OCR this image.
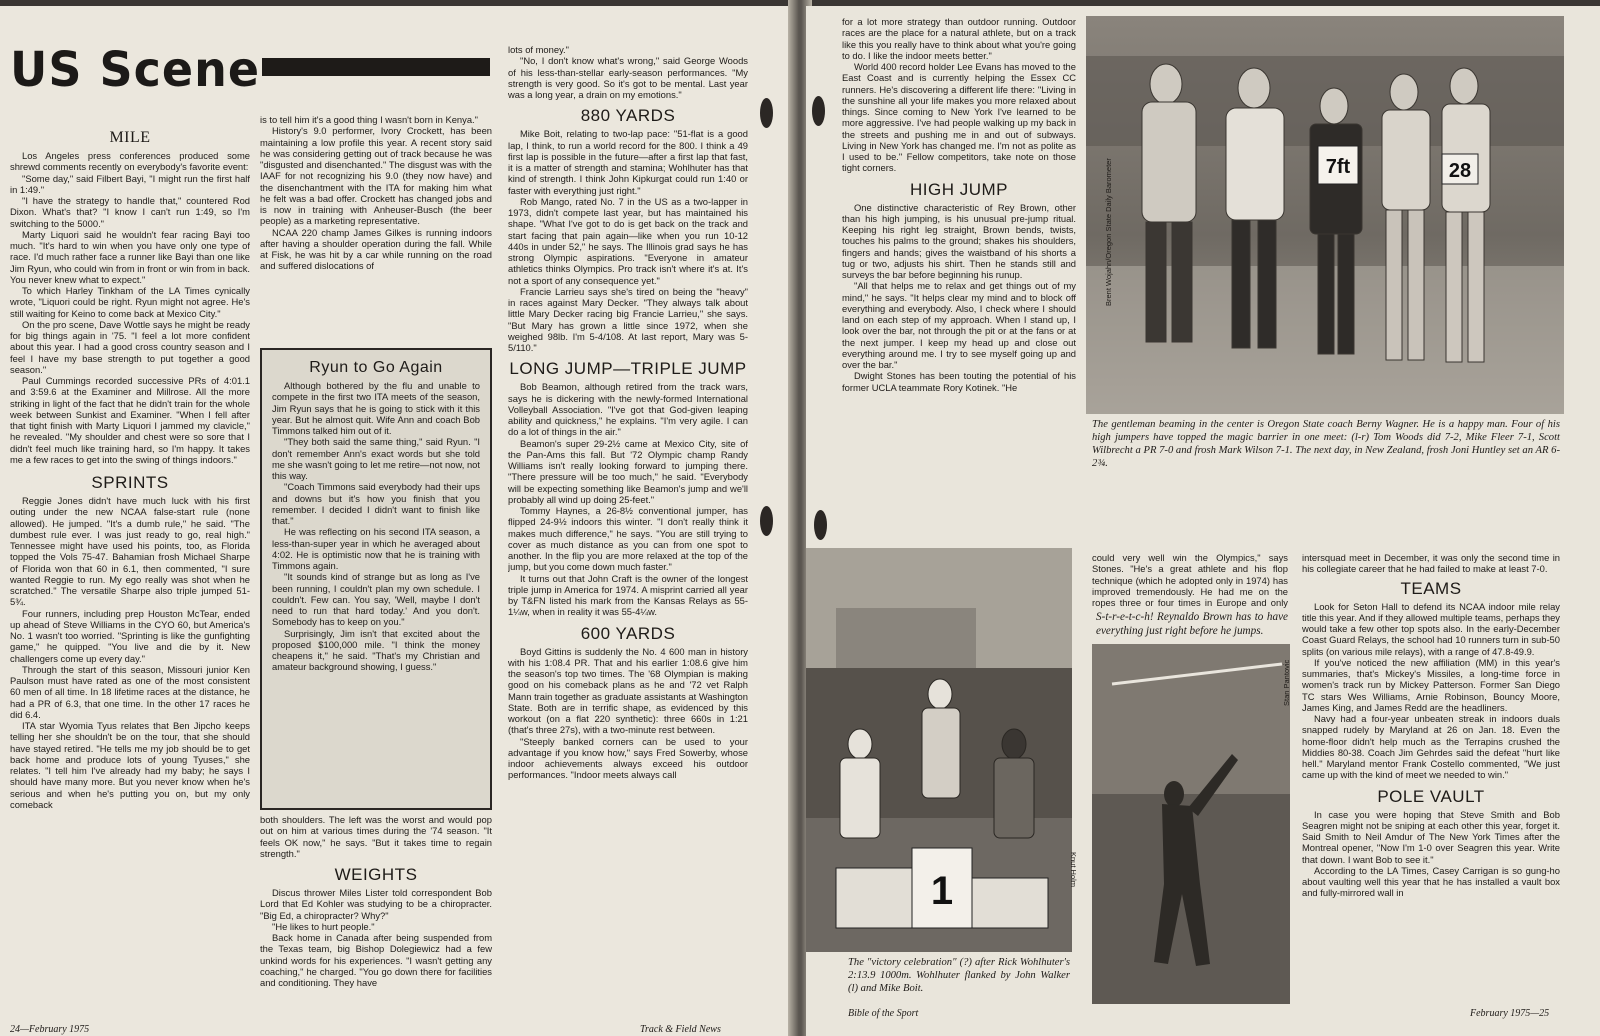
US Scene
MILE

Los Angeles press conferences produced some shrewd comments recently on everybody's favorite event:

"Some day," said Filbert Bayi, "I might run the first half in 1:49."

"I have the strategy to handle that," countered Rod Dixon. What's that? "I know I can't run 1:49, so I'm switching to the 5000."

Marty Liquori said he wouldn't fear racing Bayi too much. "It's hard to win when you have only one type of race. I'd much rather face a runner like Bayi than one like Jim Ryun, who could win from in front or win from in back. You never knew what to expect."

To which Harley Tinkham of the LA Times cynically wrote, "Liquori could be right. Ryun might not agree. He's still waiting for Keino to come back at Mexico City."

On the pro scene, Dave Wottle says he might be ready for big things again in '75. "I feel a lot more confident about this year. I had a good cross country season and I feel I have my base strength to put together a good season."

Paul Cummings recorded successive PRs of 4:01.1 and 3:59.6 at the Examiner and Millrose. All the more striking in light of the fact that he didn't train for the whole week between Sunkist and Examiner. "When I fell after that tight finish with Marty Liquori I jammed my clavicle," he revealed. "My shoulder and chest were so sore that I didn't feel much like training hard, so I'm happy. It takes me a few races to get into the swing of things indoors."

SPRINTS

Reggie Jones didn't have much luck with his first outing under the new NCAA false-start rule (none allowed). He jumped. "It's a dumb rule," he said. "The dumbest rule ever. I was just ready to go, real high." Tennessee might have used his points, too, as Florida topped the Vols 75-47. Bahamian frosh Michael Sharpe of Florida won that 60 in 6.1, then commented, "I sure wanted Reggie to run. My ego really was shot when he scratched." The versatile Sharpe also triple jumped 51-5¾.

Four runners, including prep Houston McTear, ended up ahead of Steve Williams in the CYO 60, but America's No. 1 wasn't too worried. "Sprinting is like the gunfighting game," he quipped. "You live and die by it. New challengers come up every day."

Through the start of this season, Missouri junior Ken Paulson must have rated as one of the most consistent 60 men of all time. In 18 lifetime races at the distance, he had a PR of 6.3, that one time. In the other 17 races he did 6.4.

ITA star Wyomia Tyus relates that Ben Jipcho keeps telling her she shouldn't be on the tour, that she should have stayed retired. "He tells me my job should be to get back home and produce lots of young Tyuses," she relates. "I tell him I've already had my baby; he says I should have many more. But you never know when he's serious and when he's putting you on, but my only comeback

24—February 1975

is to tell him it's a good thing I wasn't born in Kenya."

History's 9.0 performer, Ivory Crockett, has been maintaining a low profile this year. A recent story said he was considering getting out of track because he was "disgusted and disenchanted." The disgust was with the IAAF for not recognizing his 9.0 (they now have) and the disenchantment with the ITA for making him what he felt was a bad offer. Crockett has changed jobs and is now in training with Anheuser-Busch (the beer people) as a marketing representative.

NCAA 220 champ James Gilkes is running indoors after having a shoulder operation during the fall. While at Fisk, he was hit by a car while running on the road and suffered dislocations of

Ryun to Go Again

Although bothered by the flu and unable to compete in the first two ITA meets of the season, Jim Ryun says that he is going to stick with it this year. But he almost quit. Wife Ann and coach Bob Timmons talked him out of it.

"They both said the same thing," said Ryun. "I don't remember Ann's exact words but she told me she wasn't going to let me retire—not now, not this way.

"Coach Timmons said everybody had their ups and downs but it's how you finish that you remember. I decided I didn't want to finish like that."

He was reflecting on his second ITA season, a less-than-super year in which he averaged about 4:02. He is optimistic now that he is training with Timmons again.

"It sounds kind of strange but as long as I've been running, I couldn't plan my own schedule. I couldn't. Few can. You say, 'Well, maybe I don't need to run that hard today.' And you don't. Somebody has to keep on you."

Surprisingly, Jim isn't that excited about the proposed $100,000 mile. "I think the money cheapens it," he said. "That's my Christian and amateur background showing, I guess."

both shoulders. The left was the worst and would pop out on him at various times during the '74 season. "It feels OK now," he says. "But it takes time to regain strength."

WEIGHTS

Discus thrower Miles Lister told correspondent Bob Lord that Ed Kohler was studying to be a chiropracter. "Big Ed, a chiropracter? Why?"

"He likes to hurt people."

Back home in Canada after being suspended from the Texas team, big Bishop Dolegiewicz had a few unkind words for his experiences. "I wasn't getting any coaching," he charged. "You go down there for facilities and conditioning. They have

lots of money."

"No, I don't know what's wrong," said George Woods of his less-than-stellar early-season performances. "My strength is very good. So it's got to be mental. Last year was a long year, a drain on my emotions."

880 YARDS

Mike Boit, relating to two-lap pace: "51-flat is a good lap, I think, to run a world record for the 800. I think a 49 first lap is possible in the future—after a first lap that fast, it is a matter of strength and stamina; Wohlhuter has that kind of strength. I think John Kipkurgat could run 1:40 or faster with everything just right."

Rob Mango, rated No. 7 in the US as a two-lapper in 1973, didn't compete last year, but has maintained his shape. "What I've got to do is get back on the track and start facing that pain again—like when you run 10-12 440s in under 52," he says. The Illinois grad says he has strong Olympic aspirations. "Everyone in amateur athletics thinks Olympics. Pro track isn't where it's at. It's not a sport of any consequence yet."

Francie Larrieu says she's tired on being the "heavy" in races against Mary Decker. "They always talk about little Mary Decker racing big Francie Larrieu," she says. "But Mary has grown a little since 1972, when she weighed 98lb. I'm 5-4/108. At last report, Mary was 5-5/110."

LONG JUMP—TRIPLE JUMP

Bob Beamon, although retired from the track wars, says he is dickering with the newly-formed International Volleyball Association. "I've got that God-given leaping ability and quickness," he explains. "I'm very agile. I can do a lot of things in the air."

Beamon's super 29-2½ came at Mexico City, site of the Pan-Ams this fall. But '72 Olympic champ Randy Williams isn't really looking forward to jumping there. "There pressure will be too much," he said. "Everybody will be expecting something like Beamon's jump and we'll probably all wind up doing 25-feet."

Tommy Haynes, a 26-8½ conventional jumper, has flipped 24-9½ indoors this winter. "I don't really think it makes much difference," he says. "You are still trying to cover as much distance as you can from one spot to another. In the flip you are more relaxed at the top of the jump, but you come down much faster."

It turns out that John Craft is the owner of the longest triple jump in America for 1974. A misprint carried all year by T&FN listed his mark from the Kansas Relays as 55-1¼w, when in reality it was 55-4¼w.

600 YARDS

Boyd Gittins is suddenly the No. 4 600 man in history with his 1:08.4 PR. That and his earlier 1:08.6 give him the season's top two times. The '68 Olympian is making good on his comeback plans as he and '72 vet Ralph Mann train together as graduate assistants at Washington State. Both are in terrific shape, as evidenced by this workout (on a flat 220 synthetic): three 660s in 1:21 (that's three 27s), with a two-minute rest between.

"Steeply banked corners can be used to your advantage if you know how," says Fred Sowerby, whose indoor achievements always exceed his outdoor performances. "Indoor meets always call

Track & Field News

for a lot more strategy than outdoor running. Outdoor races are the place for a natural athlete, but on a track like this you really have to think about what you're going to do. I like the indoor meets better."

World 400 record holder Lee Evans has moved to the East Coast and is currently helping the Essex CC runners. He's discovering a different life there: "Living in the sunshine all your life makes you more relaxed about things. Since coming to New York I've learned to be more aggressive. I've had people walking up my back in the streets and pushing me in and out of subways. Living in New York has changed me. I'm not as polite as I used to be." Fellow competitors, take note on those tight corners.

HIGH JUMP

One distinctive characteristic of Rey Brown, other than his high jumping, is his unusual pre-jump ritual. Keeping his right leg straight, Brown bends, twists, touches his palms to the ground; shakes his shoulders, fingers and hands; gives the waistband of his shorts a tug or two, adjusts his shirt. Then he stands still and surveys the bar before beginning his runup.

"All that helps me to relax and get things out of my mind," he says. "It helps clear my mind and to block off everything and everybody. Also, I check where I should land on each step of my approach. When I stand up, I look over the bar, not through the pit or at the fans or at the next jumper. I keep my head up and close out everything around me. I try to see myself going up and over the bar."

Dwight Stones has been touting the potential of his former UCLA teammate Rory Kotinek. "He

7ft	28
Brent Wojahn/Oregon State Daily Barometer
The gentleman beaming in the center is Oregon State coach Berny Wagner. He is a happy man. Four of his high jumpers have topped the magic barrier in one meet: (l-r) Tom Woods did 7-2, Mike Fleer 7-1, Scott Wilbrecht a PR 7-0 and frosh Mark Wilson 7-1. The next day, in New Zealand, frosh Joni Huntley set an AR 6-2¾.
1	Knut Holm
The "victory celebration" (?) after Rick Wohlhuter's 2:13.9 1000m. Wohlhuter flanked by John Walker (l) and Mike Boit.
Bible of the Sport

could very well win the Olympics," says Stones. "He's a great athlete and his flop technique (which he adopted only in 1974) has improved tremendously. He had me on the ropes three or four times in Europe and only

S-t-r-e-t-c-h! Reynaldo Brown has to have everything just right before he jumps.
Stan Pantovic

intersquad meet in December, it was only the second time in his collegiate career that he had failed to make at least 7-0.

TEAMS

Look for Seton Hall to defend its NCAA indoor mile relay title this year. And if they allowed multiple teams, perhaps they would take a few other top spots also. In the early-December Coast Guard Relays, the school had 10 runners turn in sub-50 splits (on various mile relays), with a range of 47.8-49.9.

If you've noticed the new affiliation (MM) in this year's summaries, that's Mickey's Missiles, a long-time force in women's track run by Mickey Patterson. Former San Diego TC stars Wes Williams, Arnie Robinson, Bouncy Moore, James King, and James Redd are the headliners.

Navy had a four-year unbeaten streak in indoors duals snapped rudely by Maryland at 26 on Jan. 18. Even the home-floor didn't help much as the Terrapins crushed the Middies 80-38. Coach Jim Gehrdes said the defeat "hurt like hell." Maryland mentor Frank Costello commented, "We just came up with the kind of meet we needed to win."

POLE VAULT

In case you were hoping that Steve Smith and Bob Seagren might not be sniping at each other this year, forget it. Said Smith to Neil Amdur of The New York Times after the Montreal opener, "Now I'm 1-0 over Seagren this year. Write that down. I want Bob to see it."

According to the LA Times, Casey Carrigan is so gung-ho about vaulting well this year that he has installed a vault box and fully-mirrored wall in

February 1975—25
